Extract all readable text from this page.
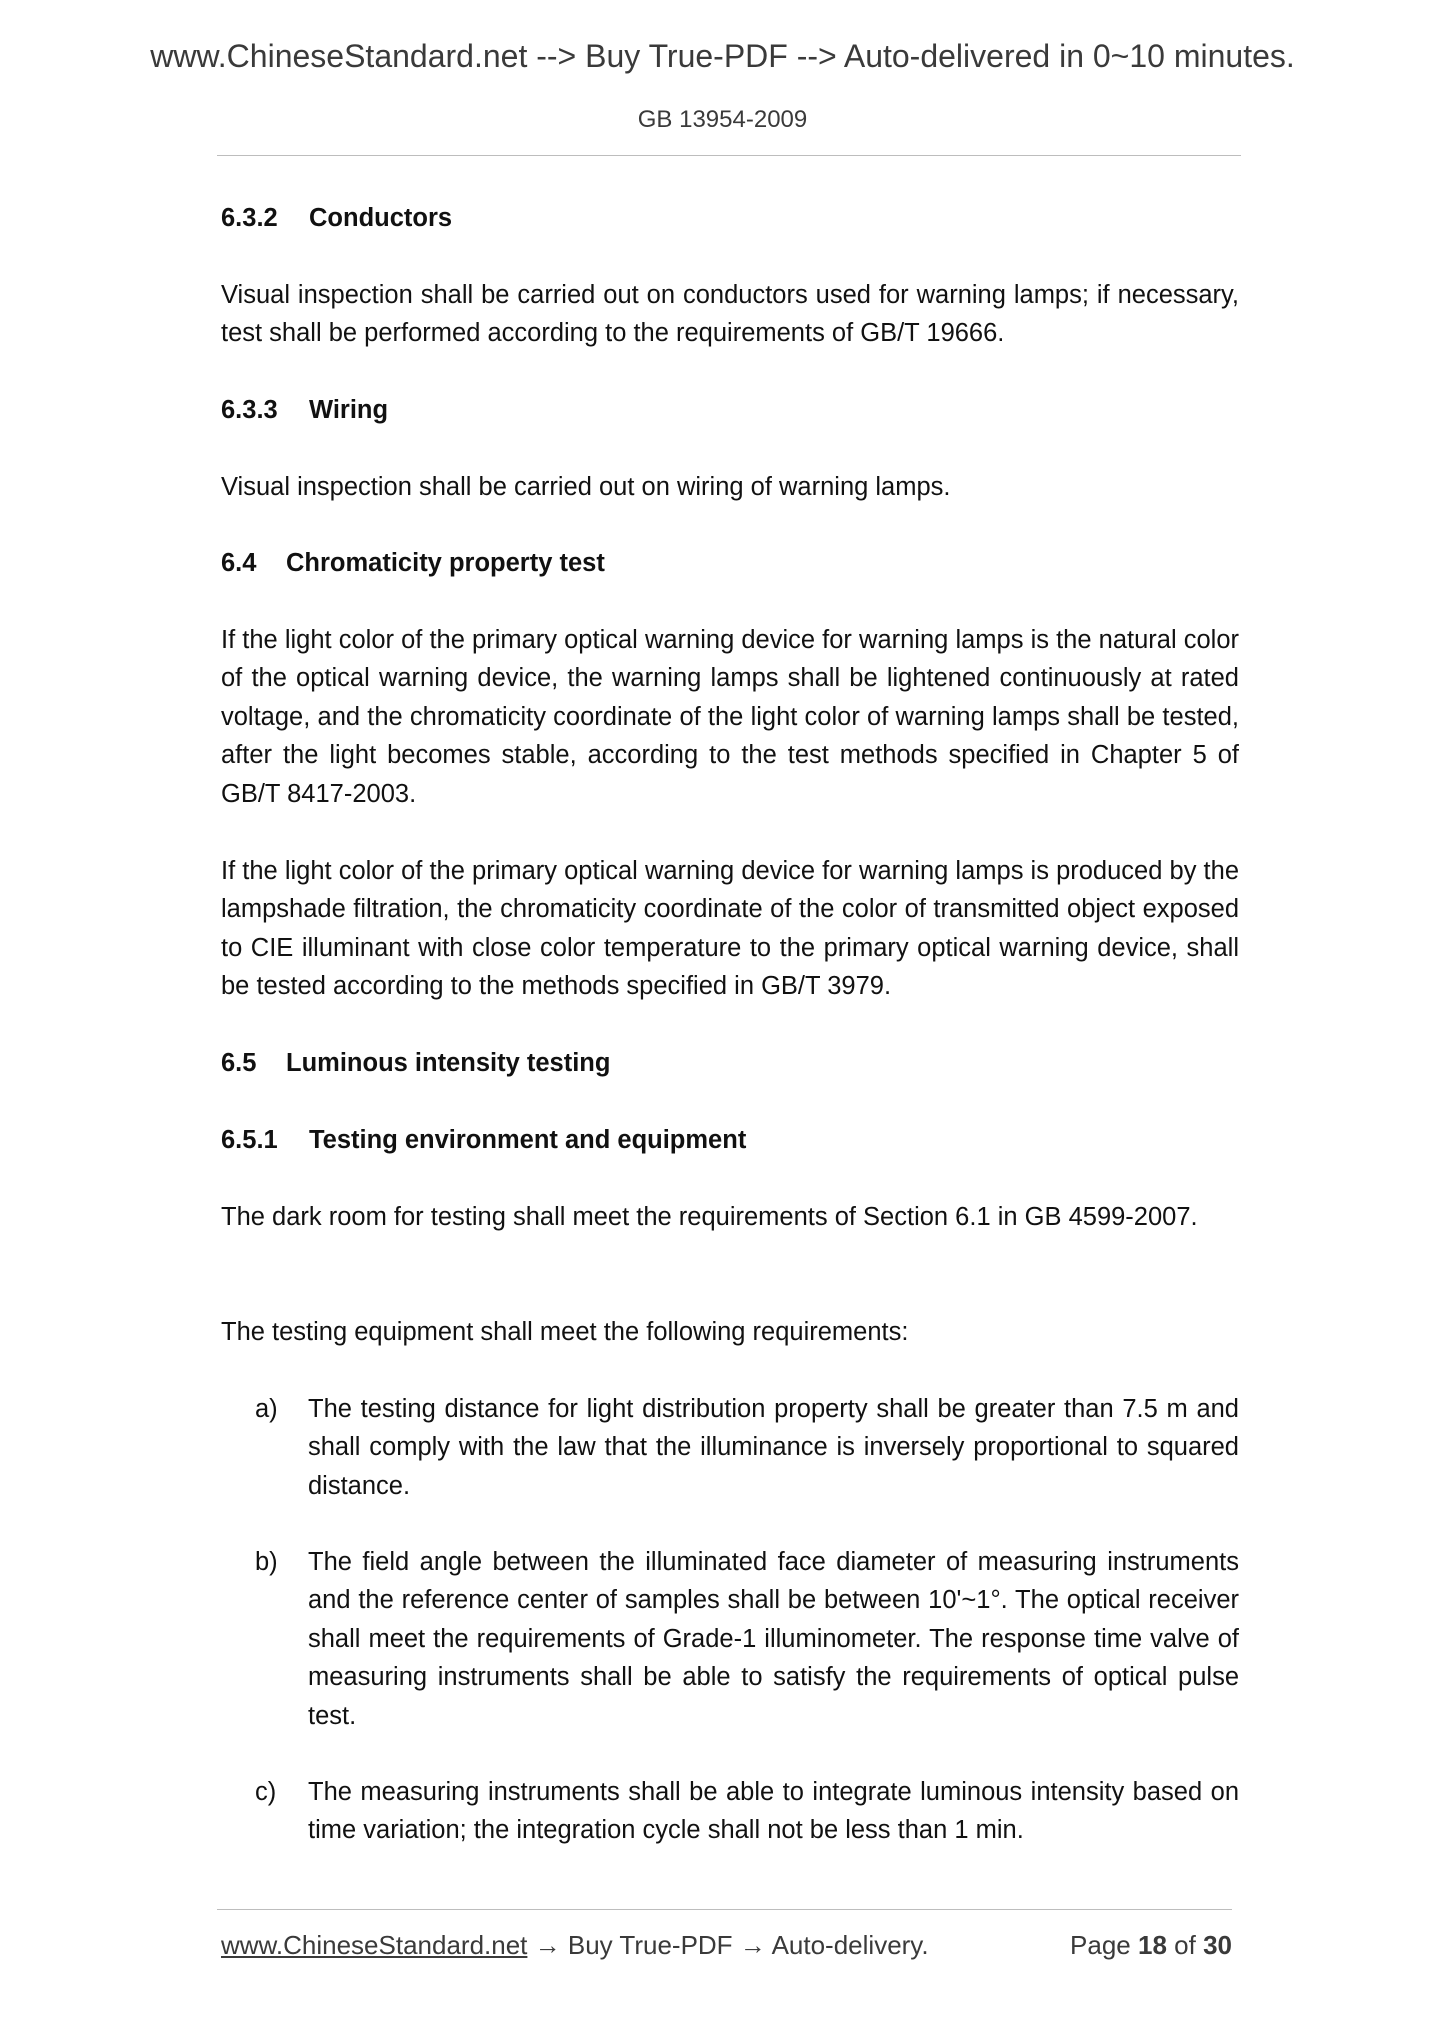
www.ChineseStandard.net --> Buy True-PDF --> Auto-delivered in 0~10 minutes.
GB 13954-2009
6.3.2 Conductors
Visual inspection shall be carried out on conductors used for warning lamps; if necessary, test shall be performed according to the requirements of GB/T 19666.
6.3.3 Wiring
Visual inspection shall be carried out on wiring of warning lamps.
6.4 Chromaticity property test
If the light color of the primary optical warning device for warning lamps is the natural color of the optical warning device, the warning lamps shall be lightened continuously at rated voltage, and the chromaticity coordinate of the light color of warning lamps shall be tested, after the light becomes stable, according to the test methods specified in Chapter 5 of GB/T 8417-2003.
If the light color of the primary optical warning device for warning lamps is produced by the lampshade filtration, the chromaticity coordinate of the color of transmitted object exposed to CIE illuminant with close color temperature to the primary optical warning device, shall be tested according to the methods specified in GB/T 3979.
6.5 Luminous intensity testing
6.5.1 Testing environment and equipment
The dark room for testing shall meet the requirements of Section 6.1 in GB 4599-2007.
The testing equipment shall meet the following requirements:
a) The testing distance for light distribution property shall be greater than 7.5 m and shall comply with the law that the illuminance is inversely proportional to squared distance.
b) The field angle between the illuminated face diameter of measuring instruments and the reference center of samples shall be between 10'~1°. The optical receiver shall meet the requirements of Grade-1 illuminometer. The response time valve of measuring instruments shall be able to satisfy the requirements of optical pulse test.
c) The measuring instruments shall be able to integrate luminous intensity based on time variation; the integration cycle shall not be less than 1 min.
www.ChineseStandard.net → Buy True-PDF → Auto-delivery.	Page 18 of 30
